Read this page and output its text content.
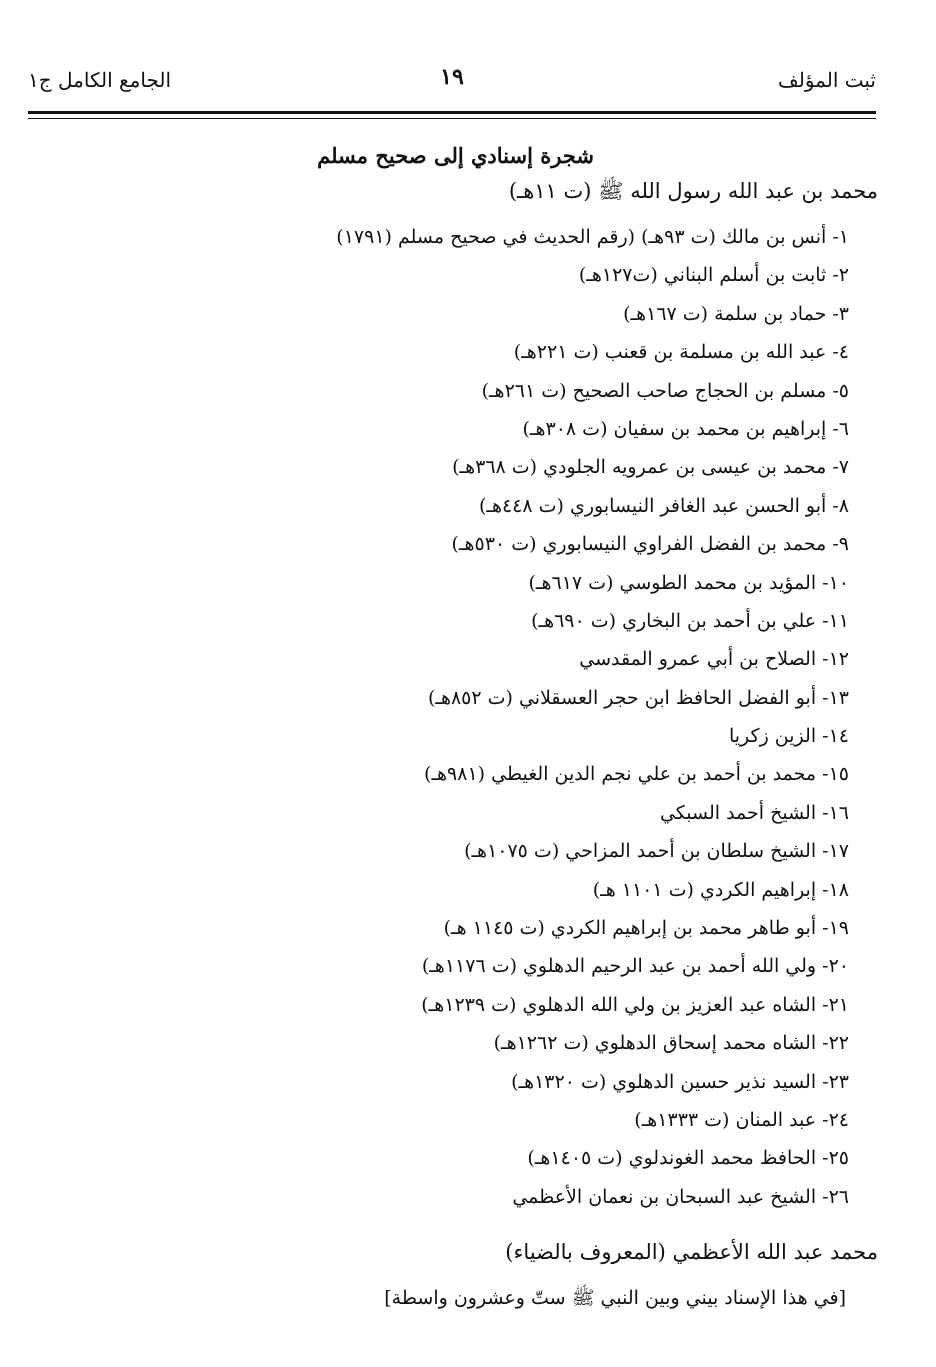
ثبت المؤلف
١٩
الجامع الكامل ج١
شجرة إسنادي إلى صحيح مسلم
محمد بن عبد الله رسول الله ﷺ (ت ١١هـ)
١- أنس بن مالك (ت ٩٣هـ) (رقم الحديث في صحيح مسلم (١٧٩١)
٢- ثابت بن أسلم البناني (ت١٢٧هـ)
٣- حماد بن سلمة (ت ١٦٧هـ)
٤- عبد الله بن مسلمة بن قعنب (ت ٢٢١هـ)
٥- مسلم بن الحجاج صاحب الصحيح (ت ٢٦١هـ)
٦- إبراهيم بن محمد بن سفيان (ت ٣٠٨هـ)
٧- محمد بن عيسى بن عمرويه الجلودي (ت ٣٦٨هـ)
٨- أبو الحسن عبد الغافر النيسابوري (ت ٤٤٨هـ)
٩- محمد بن الفضل الفراوي النيسابوري (ت ٥٣٠هـ)
١٠- المؤيد بن محمد الطوسي (ت ٦١٧هـ)
١١- علي بن أحمد بن البخاري (ت ٦٩٠هـ)
١٢- الصلاح بن أبي عمرو المقدسي
١٣- أبو الفضل الحافظ ابن حجر العسقلاني (ت ٨٥٢هـ)
١٤- الزين زكريا
١٥- محمد بن أحمد بن علي نجم الدين الغيطي (٩٨١هـ)
١٦- الشيخ أحمد السبكي
١٧- الشيخ سلطان بن أحمد المزاحي (ت ١٠٧٥هـ)
١٨- إبراهيم الكردي (ت ١١٠١ هـ)
١٩- أبو طاهر محمد بن إبراهيم الكردي (ت ١١٤٥ هـ)
٢٠- ولي الله أحمد بن عبد الرحيم الدهلوي (ت ١١٧٦هـ)
٢١- الشاه عبد العزيز بن ولي الله الدهلوي (ت ١٢٣٩هـ)
٢٢- الشاه محمد إسحاق الدهلوي (ت ١٢٦٢هـ)
٢٣- السيد نذير حسين الدهلوي (ت ١٣٢٠هـ)
٢٤- عبد المنان (ت ١٣٣٣هـ)
٢٥- الحافظ محمد الغوندلوي (ت ١٤٠٥هـ)
٢٦- الشيخ عبد السبحان بن نعمان الأعظمي
محمد عبد الله الأعظمي (المعروف بالضياء)
[في هذا الإسناد بيني وبين النبي ﷺ ستّ وعشرون واسطة]
